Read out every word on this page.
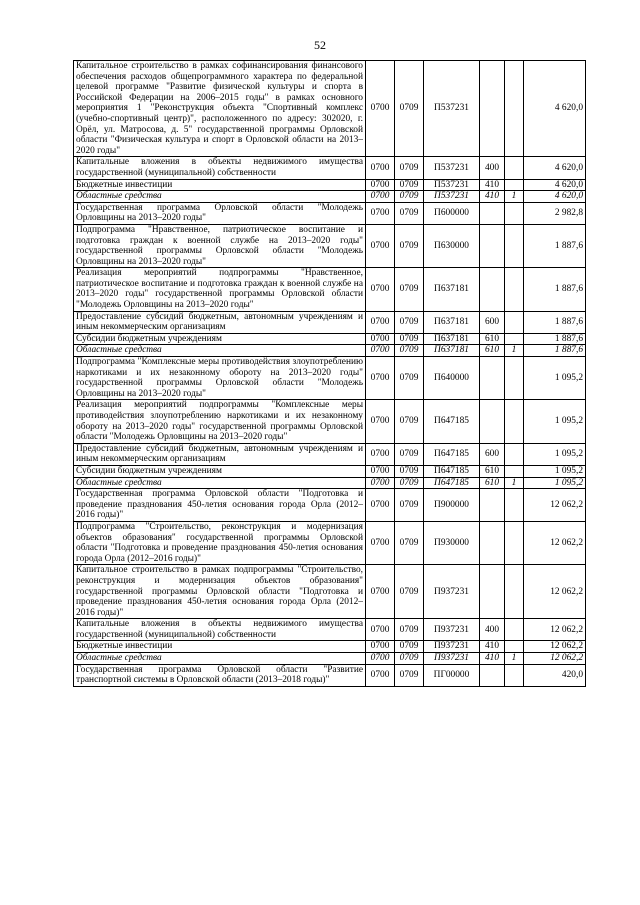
52
Капитальное строительство в рамках софинансирования финансового обеспечения расходов общепрограммного характера по федеральной целевой программе "Развитие физической культуры и спорта в Российской Федерации на 2006–2015 годы" в рамках основного мероприятия 1 "Реконструкция объекта "Спортивный комплекс (учебно-спортивный центр)", расположенного по адресу: 302020, г. Орёл, ул. Матросова, д. 5" государственной программы Орловской области "Физическая культура и спорт в Орловской области на 2013–2020 годы"	0700	0709	П537231			4 620,0
Капитальные вложения в объекты недвижимого имущества государственной (муниципальной) собственности	0700	0709	П537231	400		4 620,0
Бюджетные инвестиции	0700	0709	П537231	410		4 620,0
Областные средства	0700	0709	П537231	410	1	4 620,0
Государственная программа Орловской области "Молодежь Орловщины на 2013–2020 годы"	0700	0709	П600000			2 982,8
Подпрограмма "Нравственное, патриотическое воспитание и подготовка граждан к военной службе на 2013–2020 годы" государственной программы Орловской области "Молодежь Орловщины на 2013–2020 годы"	0700	0709	П630000			1 887,6
Реализация мероприятий подпрограммы "Нравственное, патриотическое воспитание и подготовка граждан к военной службе на 2013–2020 годы" государственной программы Орловской области "Молодежь Орловщины на 2013–2020 годы"	0700	0709	П637181			1 887,6
Предоставление субсидий бюджетным, автономным учреждениям и иным некоммерческим организациям	0700	0709	П637181	600		1 887,6
Субсидии бюджетным учреждениям	0700	0709	П637181	610		1 887,6
Областные средства	0700	0709	П637181	610	1	1 887,6
Подпрограмма "Комплексные меры противодействия злоупотреблению наркотиками и их незаконному обороту на 2013–2020 годы" государственной программы Орловской области "Молодежь Орловщины на 2013–2020 годы"	0700	0709	П640000			1 095,2
Реализация мероприятий подпрограммы "Комплексные меры противодействия злоупотреблению наркотиками и их незаконному обороту на 2013–2020 годы" государственной программы Орловской области "Молодежь Орловщины на 2013–2020 годы"	0700	0709	П647185			1 095,2
Предоставление субсидий бюджетным, автономным учреждениям и иным некоммерческим организациям	0700	0709	П647185	600		1 095,2
Субсидии бюджетным учреждениям	0700	0709	П647185	610		1 095,2
Областные средства	0700	0709	П647185	610	1	1 095,2
Государственная программа Орловской области "Подготовка и проведение празднования 450-летия основания города Орла (2012–2016 годы)"	0700	0709	П900000			12 062,2
Подпрограмма "Строительство, реконструкция и модернизация объектов образования" государственной программы Орловской области "Подготовка и проведение празднования 450-летия основания города Орла (2012–2016 годы)"	0700	0709	П930000			12 062,2
Капитальное строительство в рамках подпрограммы "Строительство, реконструкция и модернизация объектов образования" государственной программы Орловской области "Подготовка и проведение празднования 450-летия основания города Орла (2012–2016 годы)"	0700	0709	П937231			12 062,2
Капитальные вложения в объекты недвижимого имущества государственной (муниципальной) собственности	0700	0709	П937231	400		12 062,2
Бюджетные инвестиции	0700	0709	П937231	410		12 062,2
Областные средства	0700	0709	П937231	410	1	12 062,2
Государственная программа Орловской области "Развитие транспортной системы в Орловской области (2013–2018 годы)"	0700	0709	ПГ00000			420,0
